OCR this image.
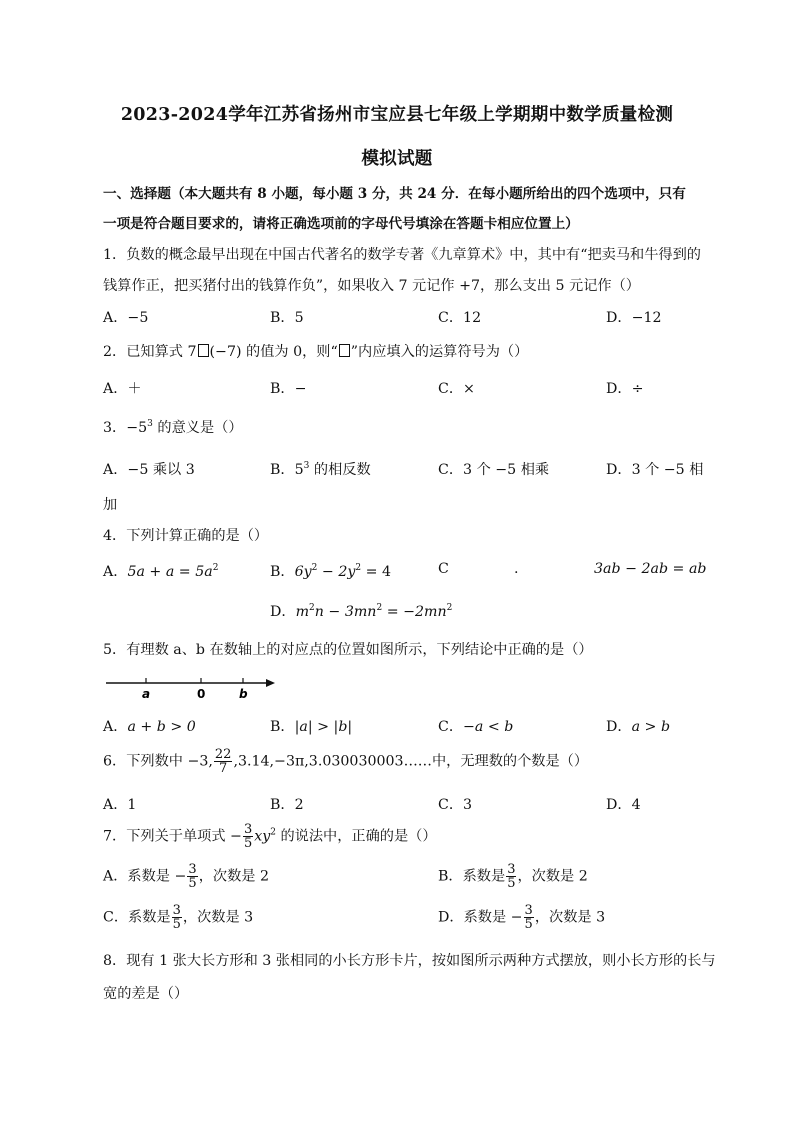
2023-2024学年江苏省扬州市宝应县七年级上学期期中数学质量检测
模拟试题
一、选择题（本大题共有 8 小题，每小题 3 分，共 24 分．在每小题所给出的四个选项中，只有
一项是符合题目要求的，请将正确选项前的字母代号填涂在答题卡相应位置上）
1．负数的概念最早出现在中国古代著名的数学专著《九章算术》中，其中有“把卖马和牛得到的
钱算作正，把买猪付出的钱算作负”，如果收入 7 元记作 +7，那么支出 5 元记作（）
A．−5	B．5	C．12	D．−12
2．已知算式 7 (−7) 的值为 0，则“ ”内应填入的运算符号为（）
A．＋	B．−	C．×	D．÷
3．$-5^3$ 的意义是（）
A．−5 乘以 3	B．$5^3$ 的相反数	C．3 个 −5 相乘	D．3 个 −5 相
加
4．下列计算正确的是（）
A．$5a + a = 5a^2$	B．$6y^2 - 2y^2 = 4$	C	.	3ab − 2ab = ab
D．$m^2n - 3mn^2 = -2mn^2$
5．有理数 a、b 在数轴上的对应点的位置如图所示，下列结论中正确的是（）
a	0	b
A．a + b > 0	B．|a| > |b|	C．−a < b	D．a > b
6．下列数中 −3, $\frac{22}{7}$ ,3.14,−3π,3.030030003……中，无理数的个数是（）
A．1	B．2	C．3	D．4
7．下列关于单项式 − $\frac{3}{5} xy^2$ 的说法中，正确的是（）
A．系数是 − $\frac{3}{5}$ ，次数是 2	B．系数是 $\frac{3}{5}$ ，次数是 2
C．系数是 $\frac{3}{5}$ ，次数是 3	D．系数是 − $\frac{3}{5}$ ，次数是 3
8．现有 1 张大长方形和 3 张相同的小长方形卡片，按如图所示两种方式摆放，则小长方形的长与
宽的差是（）
